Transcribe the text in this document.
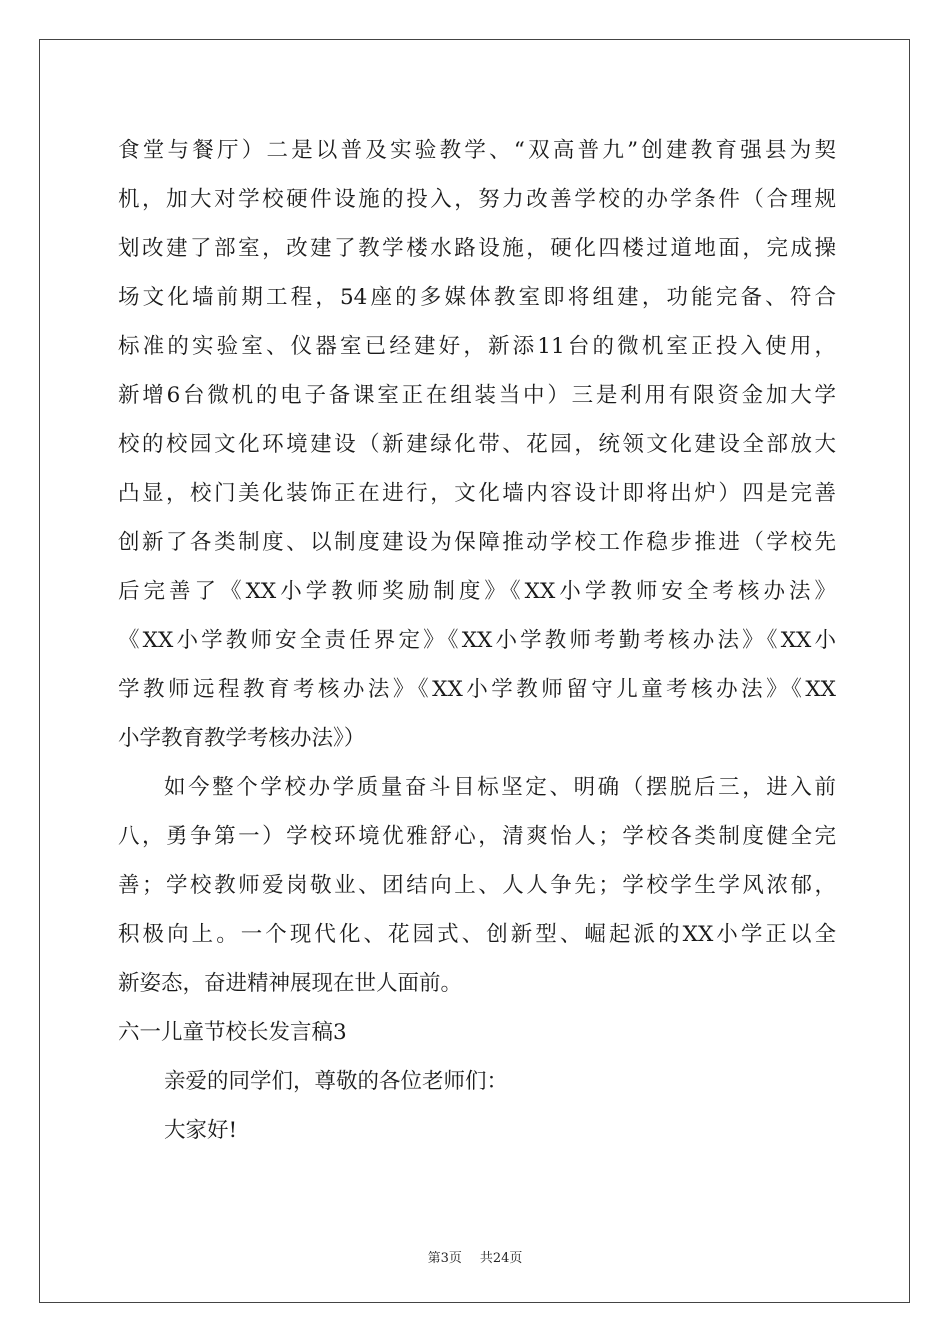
食堂与餐厅）二是以普及实验教学、“双高普九”创建教育强县为契
机，加大对学校硬件设施的投入，努力改善学校的办学条件（合理规
划改建了部室，改建了教学楼水路设施，硬化四楼过道地面，完成操
场文化墙前期工程，54座的多媒体教室即将组建，功能完备、符合
标准的实验室、仪器室已经建好，新添11台的微机室正投入使用，
新增6台微机的电子备课室正在组装当中）三是利用有限资金加大学
校的校园文化环境建设（新建绿化带、花园，统领文化建设全部放大
凸显，校门美化装饰正在进行，文化墙内容设计即将出炉）四是完善
创新了各类制度、以制度建设为保障推动学校工作稳步推进（学校先
后完善了《XX小学教师奖励制度》《XX小学教师安全考核办法》
《XX小学教师安全责任界定》《XX小学教师考勤考核办法》《XX小
学教师远程教育考核办法》《XX小学教师留守儿童考核办法》《XX
小学教育教学考核办法》）
如今整个学校办学质量奋斗目标坚定、明确（摆脱后三，进入前
八，勇争第一）学校环境优雅舒心，清爽怡人；学校各类制度健全完
善；学校教师爱岗敬业、团结向上、人人争先；学校学生学风浓郁，
积极向上。一个现代化、花园式、创新型、崛起派的XX小学正以全
新姿态，奋进精神展现在世人面前。
六一儿童节校长发言稿3
亲爱的同学们，尊敬的各位老师们：
大家好!
第3页 共24页
